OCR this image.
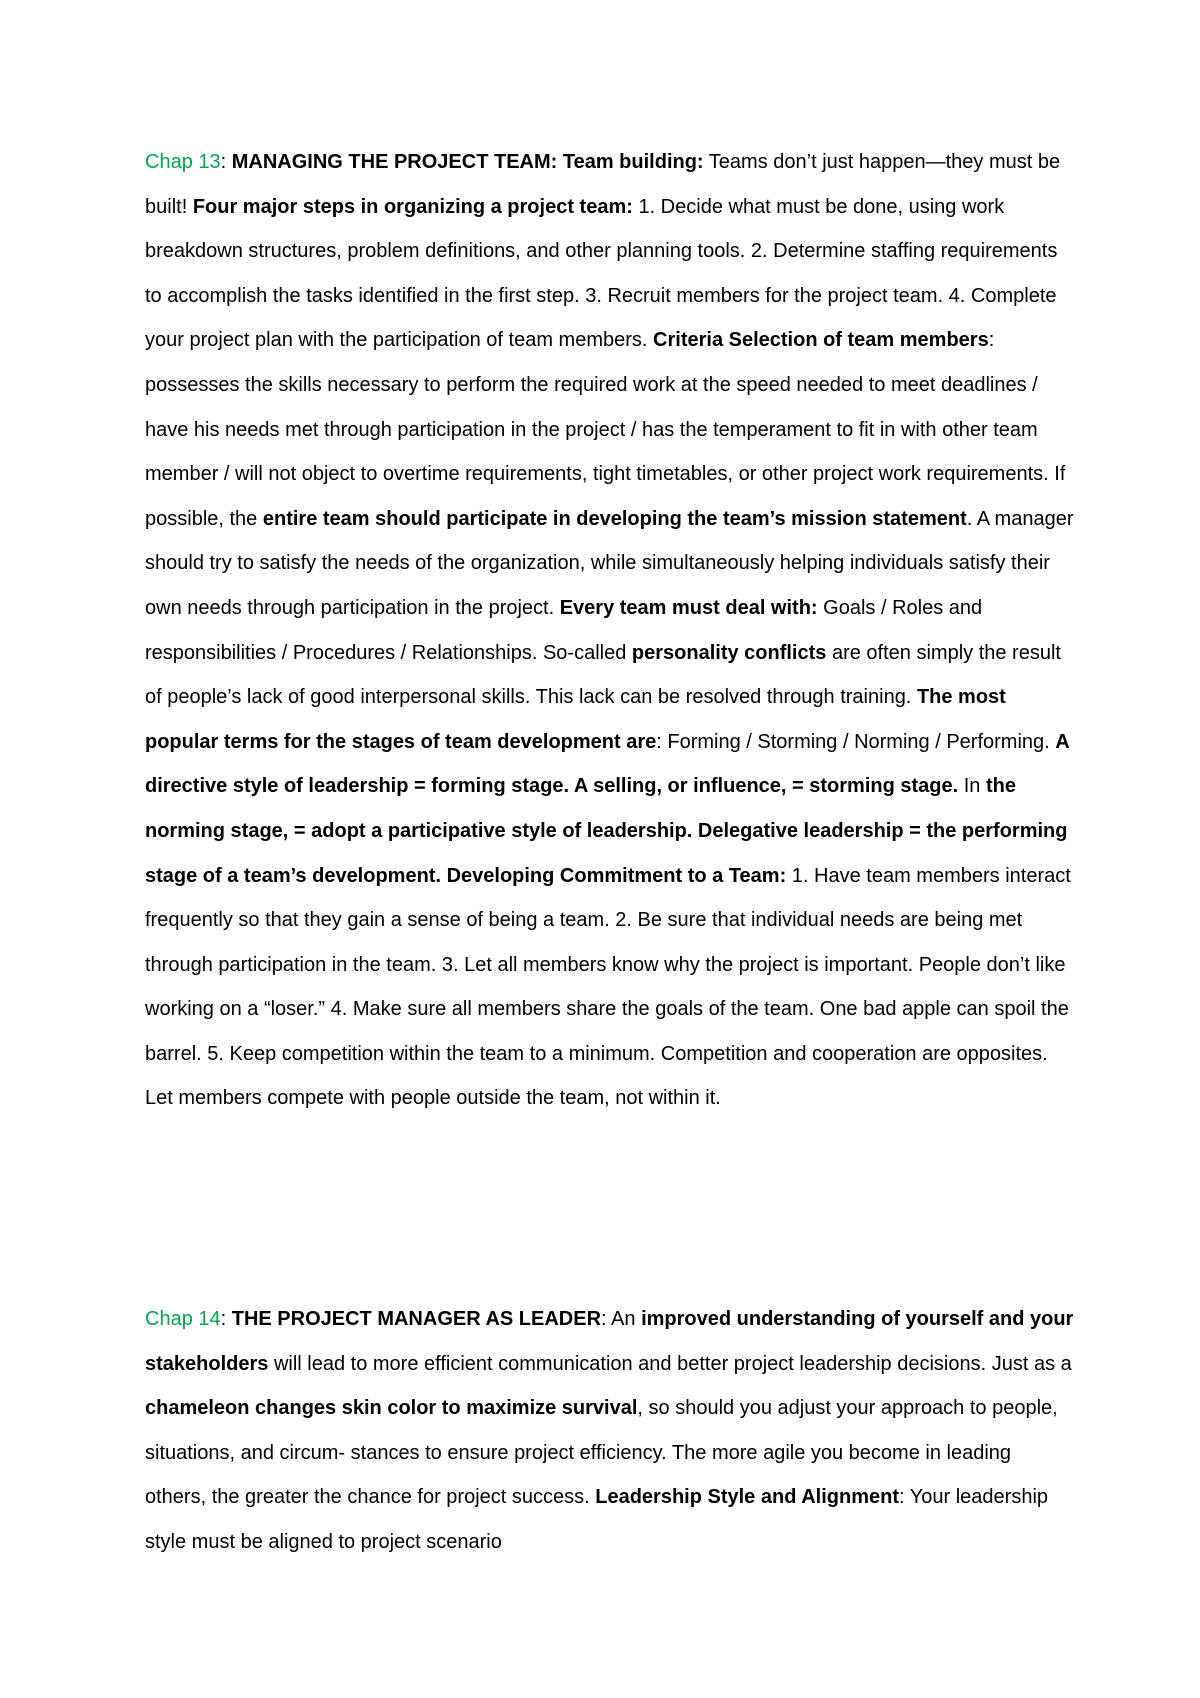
Chap 13: MANAGING THE PROJECT TEAM: Team building: Teams don’t just happen—they must be built! Four major steps in organizing a project team: 1. Decide what must be done, using work breakdown structures, problem definitions, and other planning tools. 2. Determine staffing requirements to accomplish the tasks identified in the first step. 3. Recruit members for the project team. 4. Complete your project plan with the participation of team members. Criteria Selection of team members: possesses the skills necessary to perform the required work at the speed needed to meet deadlines / have his needs met through participation in the project / has the temperament to fit in with other team member / will not object to overtime requirements, tight timetables, or other project work requirements. If possible, the entire team should participate in developing the team’s mission statement. A manager should try to satisfy the needs of the organization, while simultaneously helping individuals satisfy their own needs through participation in the project. Every team must deal with: Goals / Roles and responsibilities / Procedures / Relationships. So-called personality conflicts are often simply the result of people’s lack of good interpersonal skills. This lack can be resolved through training. The most popular terms for the stages of team development are: Forming / Storming / Norming / Performing. A directive style of leadership = forming stage. A selling, or influence, = storming stage. In the norming stage, = adopt a participative style of leadership. Delegative leadership = the performing stage of a team’s development. Developing Commitment to a Team: 1. Have team members interact frequently so that they gain a sense of being a team. 2. Be sure that individual needs are being met through participation in the team. 3. Let all members know why the project is important. People don’t like working on a “loser.” 4. Make sure all members share the goals of the team. One bad apple can spoil the barrel. 5. Keep competition within the team to a minimum. Competition and cooperation are opposites. Let members compete with people outside the team, not within it.

Chap 14: THE PROJECT MANAGER AS LEADER: An improved understanding of yourself and your stakeholders will lead to more efficient communication and better project leadership decisions. Just as a chameleon changes skin color to maximize survival, so should you adjust your approach to people, situations, and circum- stances to ensure project efficiency. The more agile you become in leading others, the greater the chance for project success. Leadership Style and Alignment: Your leadership style must be aligned to project scenario
